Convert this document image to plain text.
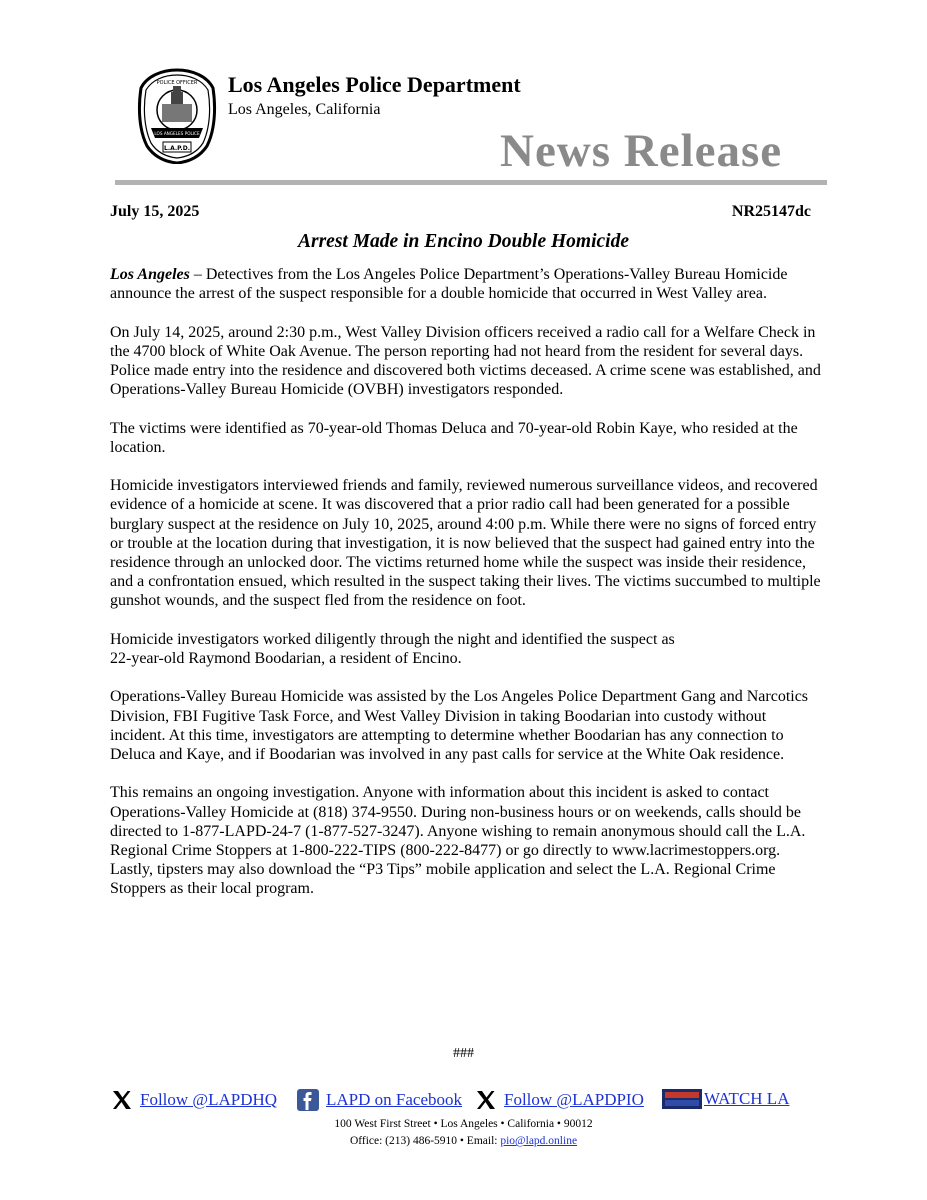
L.A.P.D.
POLICE OFFICER
LOS ANGELES POLICE
Los Angeles Police Department
Los Angeles, California
News Release
July 15, 2025	NR25147dc
Arrest Made in Encino Double Homicide

Los Angeles – Detectives from the Los Angeles Police Department’s Operations-Valley Bureau Homicide announce the arrest of the suspect responsible for a double homicide that occurred in West Valley area.

On July 14, 2025, around 2:30 p.m., West Valley Division officers received a radio call for a Welfare Check in the 4700 block of White Oak Avenue. The person reporting had not heard from the resident for several days. Police made entry into the residence and discovered both victims deceased. A crime scene was established, and Operations-Valley Bureau Homicide (OVBH) investigators responded.

The victims were identified as 70-year-old Thomas Deluca and 70-year-old Robin Kaye, who resided at the location.

Homicide investigators interviewed friends and family, reviewed numerous surveillance videos, and recovered evidence of a homicide at scene. It was discovered that a prior radio call had been generated for a possible burglary suspect at the residence on July 10, 2025, around 4:00 p.m. While there were no signs of forced entry or trouble at the location during that investigation, it is now believed that the suspect had gained entry into the residence through an unlocked door. The victims returned home while the suspect was inside their residence, and a confrontation ensued, which resulted in the suspect taking their lives. The victims succumbed to multiple gunshot wounds, and the suspect fled from the residence on foot.

Homicide investigators worked diligently through the night and identified the suspect as
22-year-old Raymond Boodarian, a resident of Encino.

Operations-Valley Bureau Homicide was assisted by the Los Angeles Police Department Gang and Narcotics Division, FBI Fugitive Task Force, and West Valley Division in taking Boodarian into custody without incident. At this time, investigators are attempting to determine whether Boodarian has any connection to Deluca and Kaye, and if Boodarian was involved in any past calls for service at the White Oak residence.

This remains an ongoing investigation. Anyone with information about this incident is asked to contact Operations-Valley Homicide at (818) 374-9550. During non-business hours or on weekends, calls should be directed to 1-877-LAPD-24-7 (1-877-527-3247). Anyone wishing to remain anonymous should call the L.A. Regional Crime Stoppers at 1-800-222-TIPS (800-222-8477) or go directly to www.lacrimestoppers.org. Lastly, tipsters may also download the “P3 Tips” mobile application and select the L.A. Regional Crime Stoppers as their local program.

###
Follow @LAPDHQ	LAPD on Facebook Follow @LAPDPIO	WATCH LA
100 West First Street • Los Angeles • California • 90012
Office: (213) 486-5910 • Email: pio@lapd.online
